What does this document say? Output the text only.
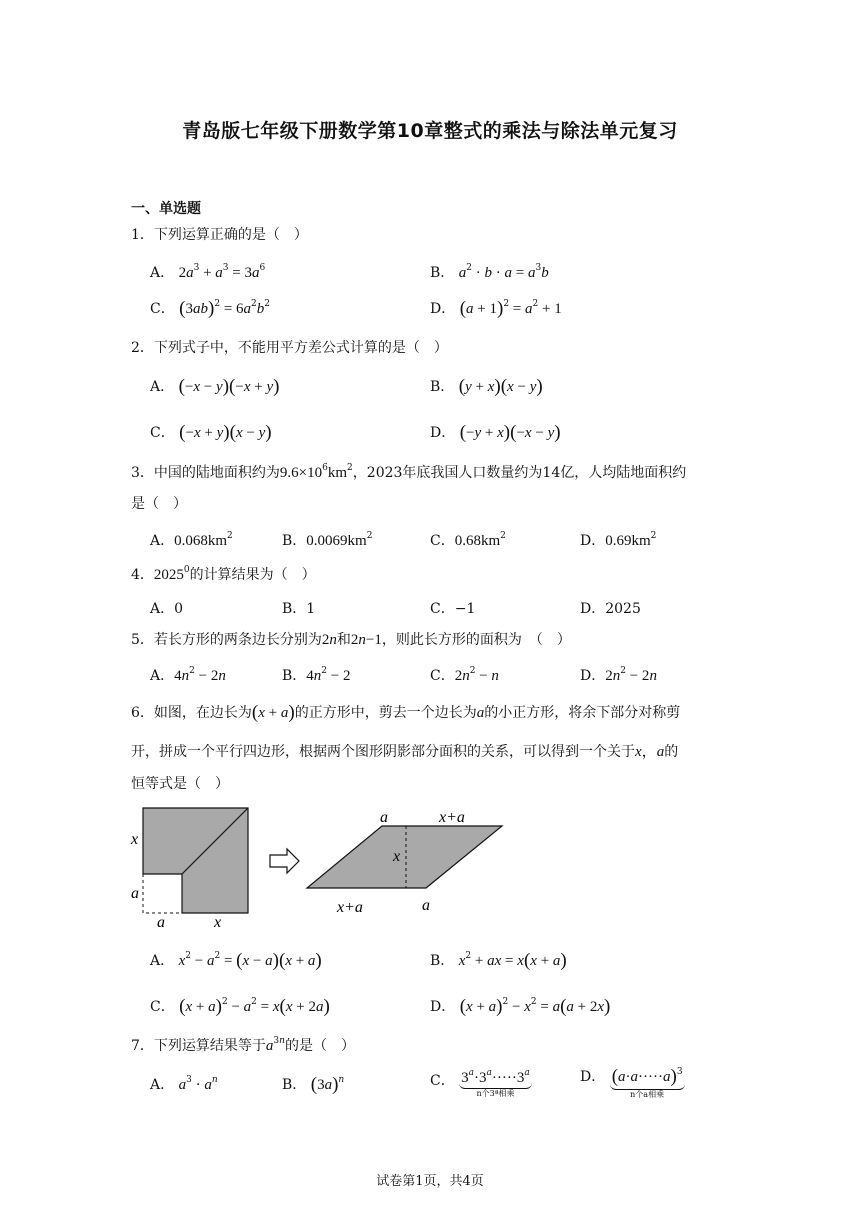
青岛版七年级下册数学第10章整式的乘法与除法单元复习
一、单选题
1．下列运算正确的是（　）
A． $2a^3 + a^3 = 3a^6$	B． $a^2 \cdot b \cdot a = a^3b$
C． $(3ab)^2 = 6a^2b^2$	D． $(a + 1)^2 = a^2 + 1$
2．下列式子中，不能用平方差公式计算的是（　）
A． (−x − y)(−x + y)	B． (y + x)(x − y)
C． (−x + y)(x − y)	D． (−y + x)(−x − y)
3．中国的陆地面积约为$9.6\times 10^6km^2$，2023年底我国人口数量约为14亿，人均陆地面积约
是（　）
A．$0.068km^2$	B．$0.0069km^2$	C．$0.68km^2$	D．$0.69km^2$
4．2025$^0$的计算结果为（　）
A．0	B．1	C．−1	D．2025
5．若长方形的两条边长分别为2n和2n−1，则此长方形的面积为　（　）
A．$4n^2 - 2n$	B．$4n^2 - 2$	C．$2n^2 - n$	D．$2n^2 - 2n$
6．如图，在边长为(x + a)的正方形中，剪去一个边长为a的小正方形，将余下部分对称剪
开，拼成一个平行四边形，根据两个图形阴影部分面积的关系，可以得到一个关于x，a的
恒等式是（　）
x
a
a	x
a	x+a
x
x+a	a
A． $x^2 - a^2 = (x - a)(x + a)$	B． $x^2$ + ax = x(x + a)
C． $(x + a)^2 - a^2 = x(x + 2a)$	D． $(x + a)^2 - x^2 = a(a + 2x)$
7．下列运算结果等于$a^{3n}$的是（　）
A． $a^3 \cdot a^n$	B． $(3a)^n$	C． $3^a\cdot 3^a\cdot\cdot\cdot\cdot\cdot 3^a$
n个3ª相乘
D． $(a\cdot a\cdot\cdot\cdot\cdot\cdot a)^3$
n个a相乘
试卷第1页，共4页
